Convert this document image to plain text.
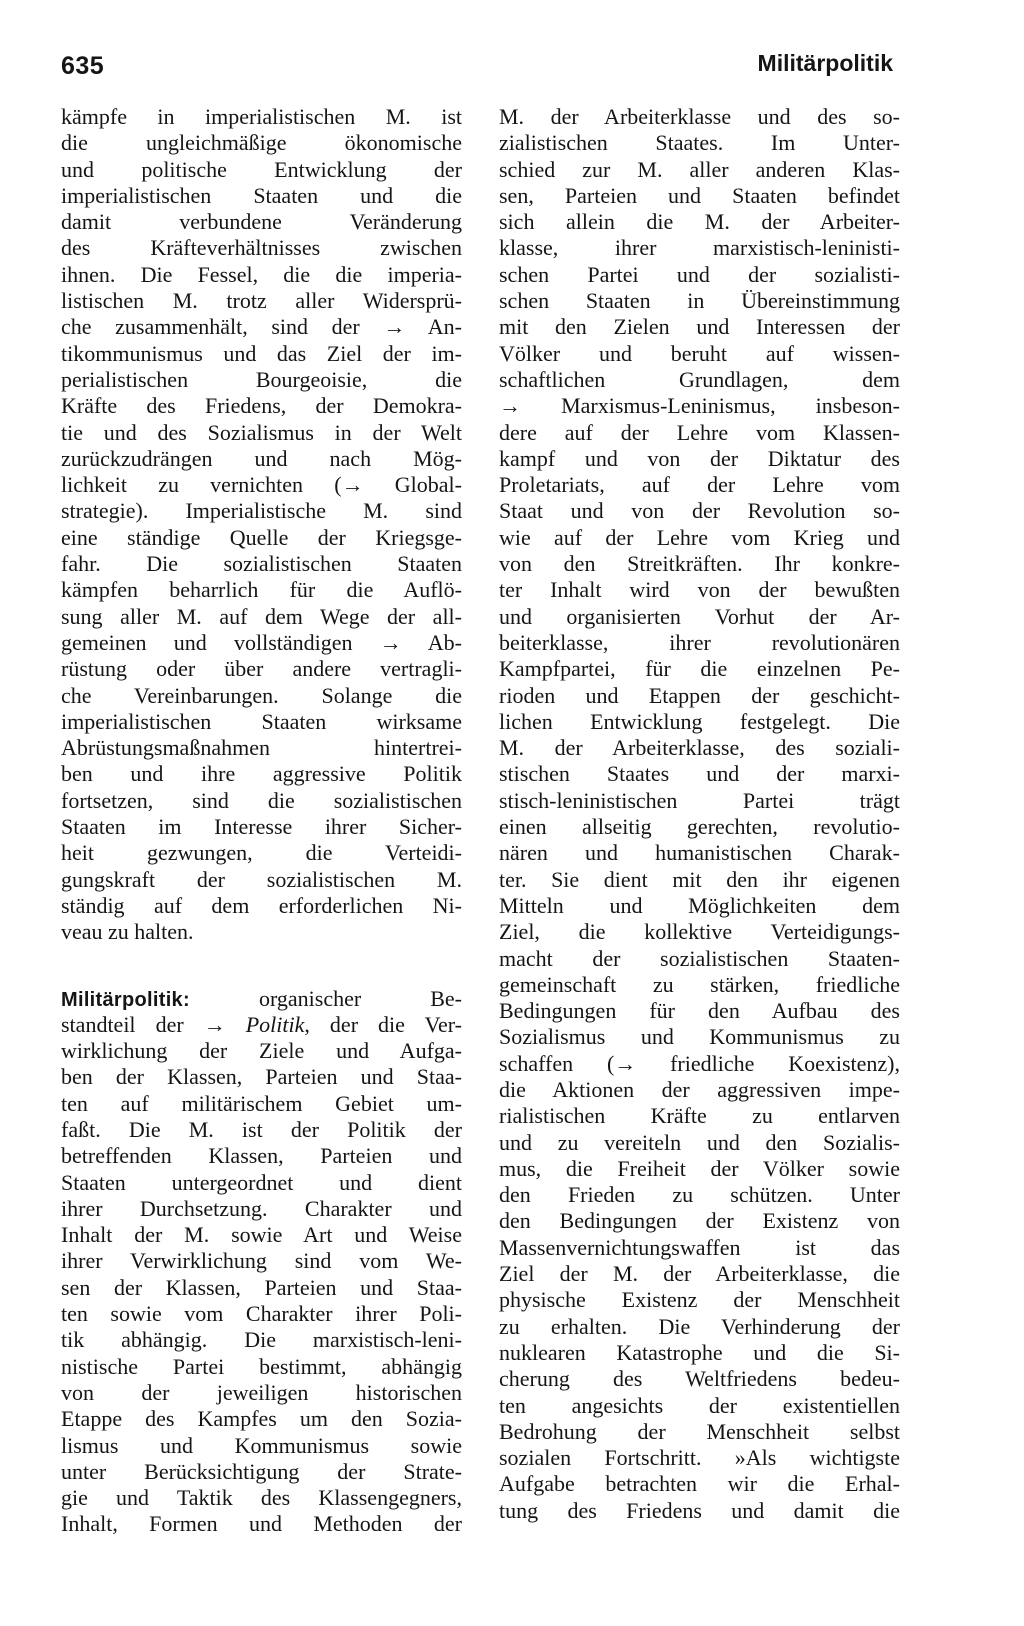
635	Militärpolitik
kämpfe in imperialistischen M. ist
die ungleichmäßige ökonomische
und politische Entwicklung der
imperialistischen Staaten und die
damit verbundene Veränderung
des Kräfteverhältnisses zwischen
ihnen. Die Fessel, die die imperia-
listischen M. trotz aller Widersprü-
che zusammenhält, sind der → An-
tikommunismus und das Ziel der im-
perialistischen Bourgeoisie, die
Kräfte des Friedens, der Demokra-
tie und des Sozialismus in der Welt
zurückzudrängen und nach Mög-
lichkeit zu vernichten (→ Global-
strategie). Imperialistische M. sind
eine ständige Quelle der Kriegsge-
fahr. Die sozialistischen Staaten
kämpfen beharrlich für die Auflö-
sung aller M. auf dem Wege der all-
gemeinen und vollständigen → Ab-
rüstung oder über andere vertragli-
che Vereinbarungen. Solange die
imperialistischen Staaten wirksame
Abrüstungsmaßnahmen hintertrei-
ben und ihre aggressive Politik
fortsetzen, sind die sozialistischen
Staaten im Interesse ihrer Sicher-
heit gezwungen, die Verteidi-
gungskraft der sozialistischen M.
ständig auf dem erforderlichen Ni-
veau zu halten.
Militärpolitik: organischer Be-
standteil der → Politik, der die Ver-
wirklichung der Ziele und Aufga-
ben der Klassen, Parteien und Staa-
ten auf militärischem Gebiet um-
faßt. Die M. ist der Politik der
betreffenden Klassen, Parteien und
Staaten untergeordnet und dient
ihrer Durchsetzung. Charakter und
Inhalt der M. sowie Art und Weise
ihrer Verwirklichung sind vom We-
sen der Klassen, Parteien und Staa-
ten sowie vom Charakter ihrer Poli-
tik abhängig. Die marxistisch-leni-
nistische Partei bestimmt, abhängig
von der jeweiligen historischen
Etappe des Kampfes um den Sozia-
lismus und Kommunismus sowie
unter Berücksichtigung der Strate-
gie und Taktik des Klassengegners,
Inhalt, Formen und Methoden der
M. der Arbeiterklasse und des so-
zialistischen Staates. Im Unter-
schied zur M. aller anderen Klas-
sen, Parteien und Staaten befindet
sich allein die M. der Arbeiter-
klasse, ihrer marxistisch-leninisti-
schen Partei und der sozialisti-
schen Staaten in Übereinstimmung
mit den Zielen und Interessen der
Völker und beruht auf wissen-
schaftlichen Grundlagen, dem
→ Marxismus-Leninismus, insbeson-
dere auf der Lehre vom Klassen-
kampf und von der Diktatur des
Proletariats, auf der Lehre vom
Staat und von der Revolution so-
wie auf der Lehre vom Krieg und
von den Streitkräften. Ihr konkre-
ter Inhalt wird von der bewußten
und organisierten Vorhut der Ar-
beiterklasse, ihrer revolutionären
Kampfpartei, für die einzelnen Pe-
rioden und Etappen der geschicht-
lichen Entwicklung festgelegt. Die
M. der Arbeiterklasse, des soziali-
stischen Staates und der marxi-
stisch-leninistischen Partei trägt
einen allseitig gerechten, revolutio-
nären und humanistischen Charak-
ter. Sie dient mit den ihr eigenen
Mitteln und Möglichkeiten dem
Ziel, die kollektive Verteidigungs-
macht der sozialistischen Staaten-
gemeinschaft zu stärken, friedliche
Bedingungen für den Aufbau des
Sozialismus und Kommunismus zu
schaffen (→ friedliche Koexistenz),
die Aktionen der aggressiven impe-
rialistischen Kräfte zu entlarven
und zu vereiteln und den Sozialis-
mus, die Freiheit der Völker sowie
den Frieden zu schützen. Unter
den Bedingungen der Existenz von
Massenvernichtungswaffen ist das
Ziel der M. der Arbeiterklasse, die
physische Existenz der Menschheit
zu erhalten. Die Verhinderung der
nuklearen Katastrophe und die Si-
cherung des Weltfriedens bedeu-
ten angesichts der existentiellen
Bedrohung der Menschheit selbst
sozialen Fortschritt. »Als wichtigste
Aufgabe betrachten wir die Erhal-
tung des Friedens und damit die
